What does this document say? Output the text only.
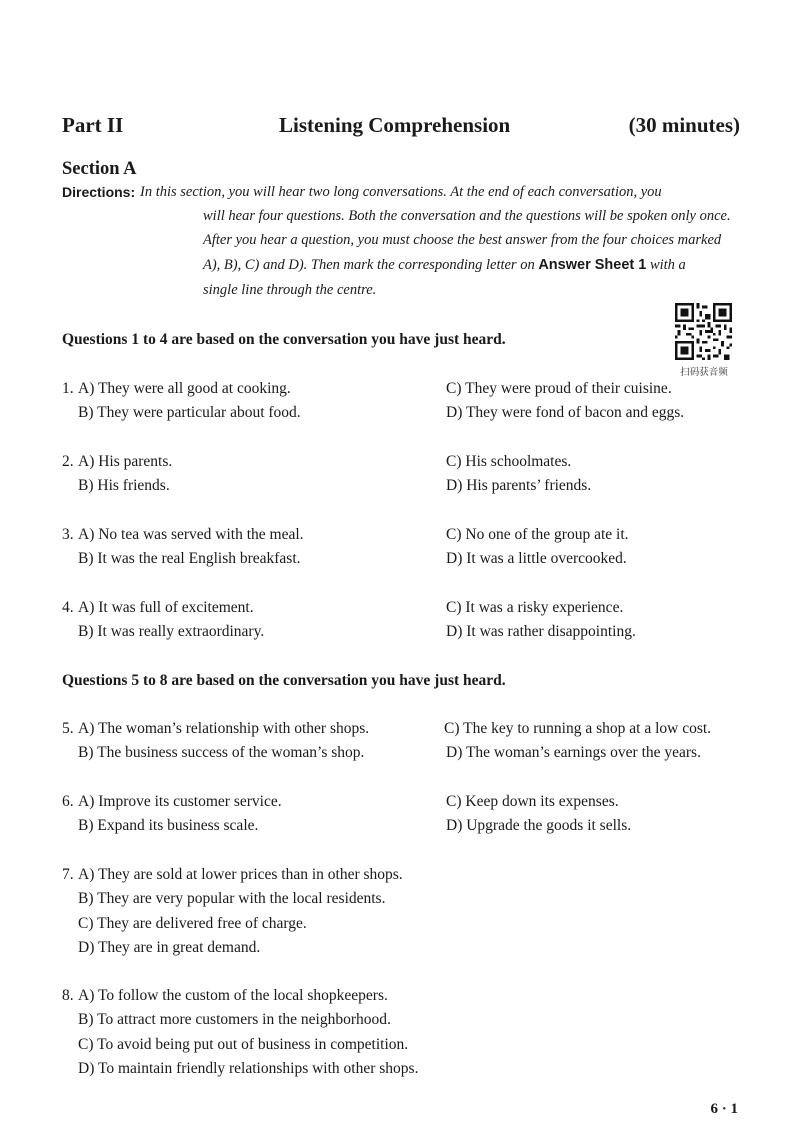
Part II	Listening Comprehension	(30 minutes)
Section A
Directions: In this section, you will hear two long conversations. At the end of each conversation, you
will hear four questions. Both the conversation and the questions will be spoken only once.
After you hear a question, you must choose the best answer from the four choices marked
A), B), C) and D). Then mark the corresponding letter on Answer Sheet 1 with a
single line through the centre.
扫码获音频
Questions 1 to 4 are based on the conversation you have just heard.
Questions 5 to 8 are based on the conversation you have just heard.
1. A) They were all good at cooking.
B) They were particular about food.
C) They were proud of their cuisine.
D) They were fond of bacon and eggs.
2. A) His parents.
B) His friends.
C) His schoolmates.
D) His parents’ friends.
3. A) No tea was served with the meal.
B) It was the real English breakfast.
C) No one of the group ate it.
D) It was a little overcooked.
4. A) It was full of excitement.
B) It was really extraordinary.
C) It was a risky experience.
D) It was rather disappointing.
5. A) The woman’s relationship with other shops.
B) The business success of the woman’s shop.
C) The key to running a shop at a low cost.
D) The woman’s earnings over the years.
6. A) Improve its customer service.
B) Expand its business scale.
C) Keep down its expenses.
D) Upgrade the goods it sells.
7. A) They are sold at lower prices than in other shops.
B) They are very popular with the local residents.
C) They are delivered free of charge.
D) They are in great demand.
8. A) To follow the custom of the local shopkeepers.
B) To attract more customers in the neighborhood.
C) To avoid being put out of business in competition.
D) To maintain friendly relationships with other shops.
6 · 1
